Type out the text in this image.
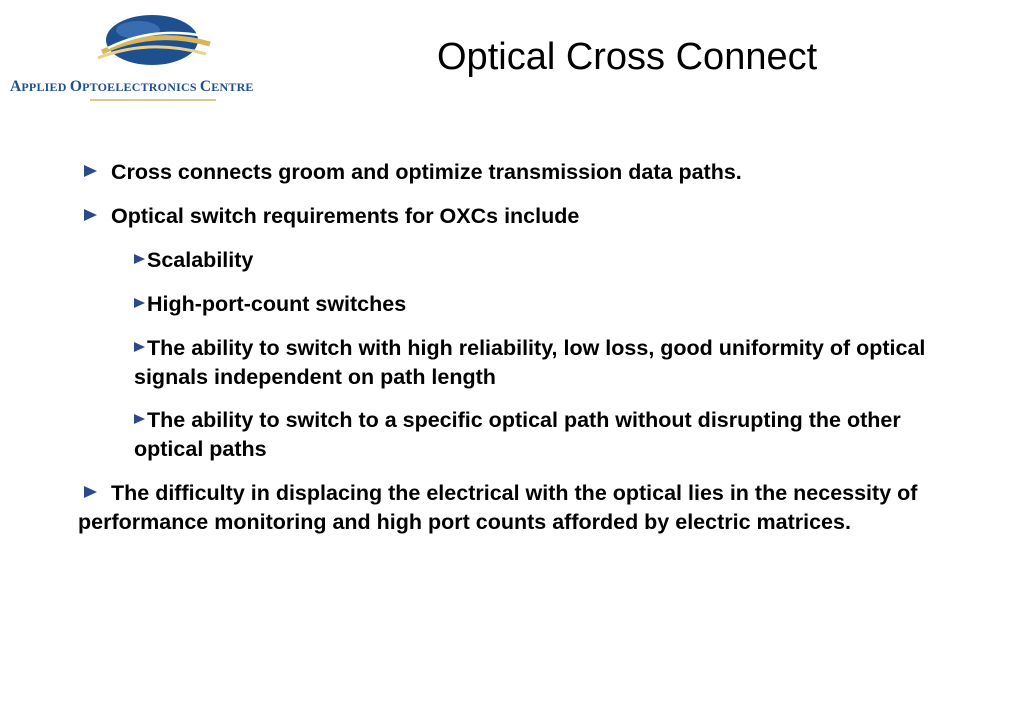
APPLIED OPTOELECTRONICS CENTRE
Optical Cross Connect

Cross connects groom and optimize transmission data paths.

Optical switch requirements for OXCs include

Scalability

High-port-count switches

The ability to switch with high reliability, low loss, good uniformity of optical signals independent on path length

The ability to switch to a specific optical path without disrupting the other optical paths

The difficulty in displacing the electrical with the optical lies in the necessity of performance monitoring and high port counts afforded by electric matrices.
